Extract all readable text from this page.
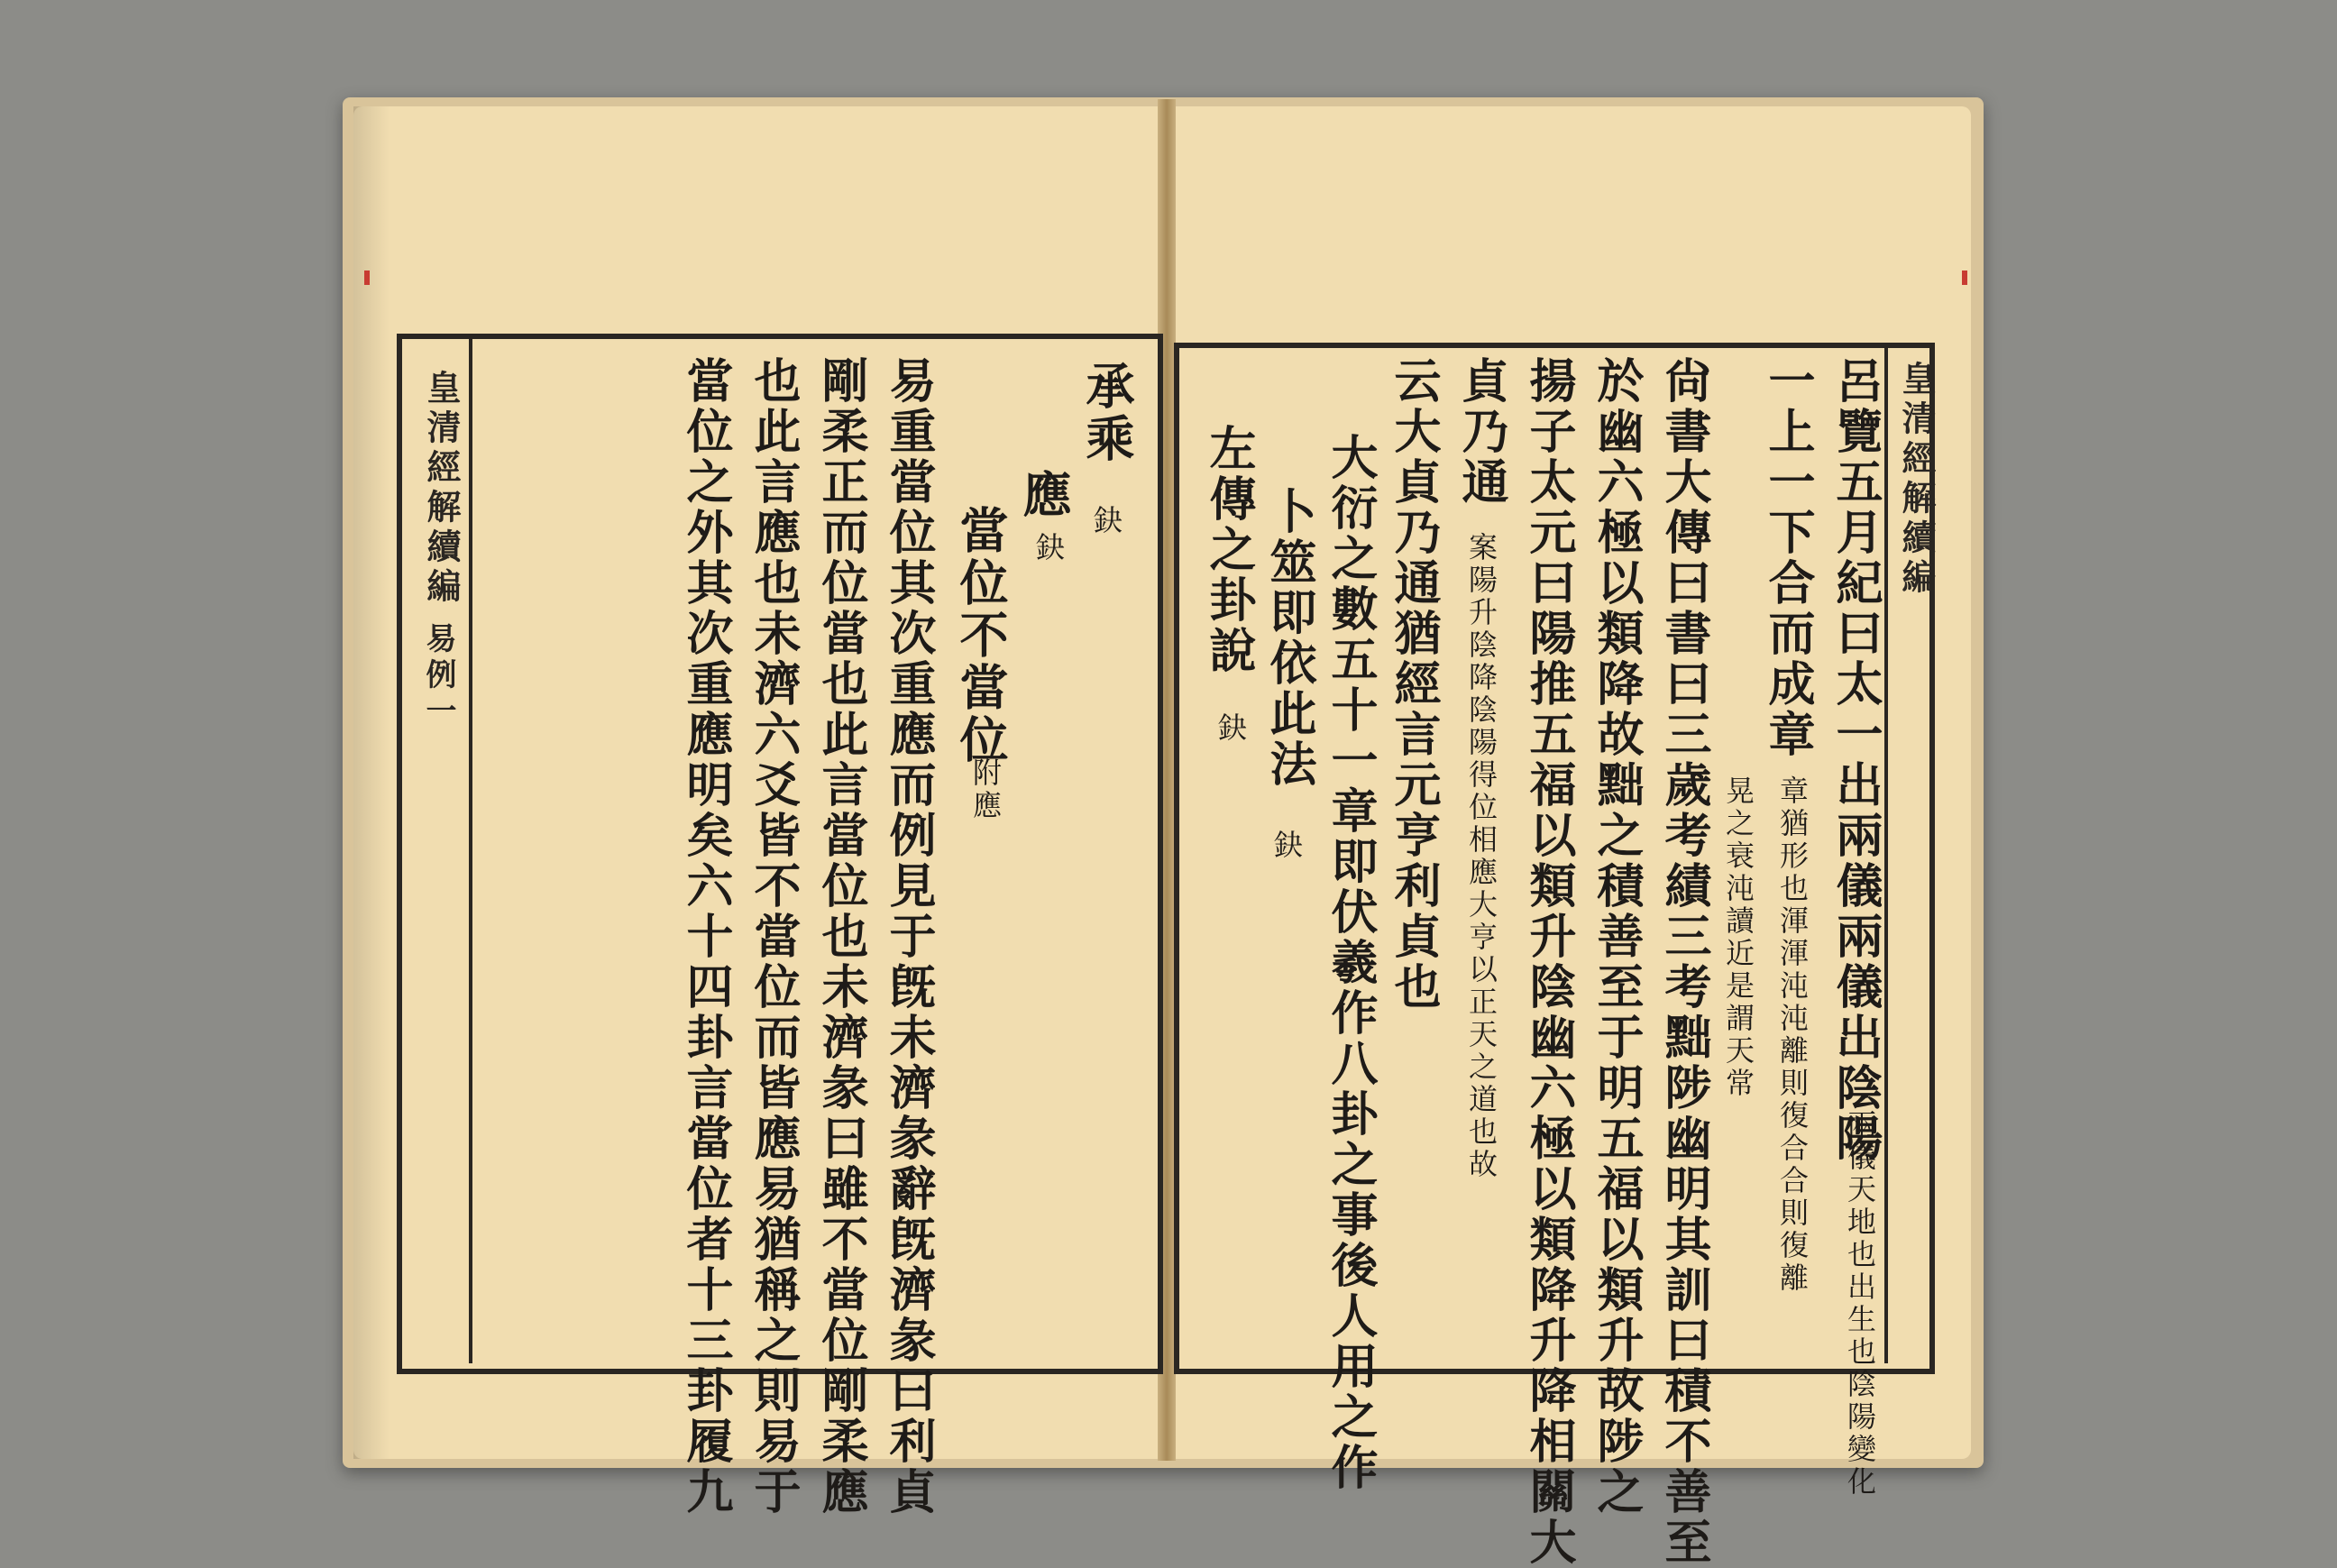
皇清經解續編
易例一
承乘
鈌
應
鈌
當位不當位
附應
易重當位其次重應而例見于旣未濟彖辭旣濟彖曰利貞
剛柔正而位當也此言當位也未濟彖曰雖不當位剛柔應
也此言應也未濟六爻皆不當位而皆應易猶稱之則易于
當位之外其次重應明矣六十四卦言當位者十三卦履九	皇清經解續編
呂覽五月紀曰太一出兩儀兩儀出陰陽
兩儀天地也出生也陰陽變化
一上一下合而成章
章猶形也渾渾沌沌離則復合合則復離
晃之衰沌讀近是謂天常
尙書大傳曰書曰三歲考績三考黜陟幽明其訓曰積不善至
於幽六極以類降故黜之積善至于明五福以類升故陟之
揚子太元曰陽推五福以類升陰幽六極以類降升降相關大
貞乃通
案陽升陰降陰陽得位相應大亨以正天之道也故
云大貞乃通猶經言元亨利貞也
大衍之數五十一章即伏羲作八卦之事後人用之作
卜筮即依此法
鈌
左傳之卦說
鈌
